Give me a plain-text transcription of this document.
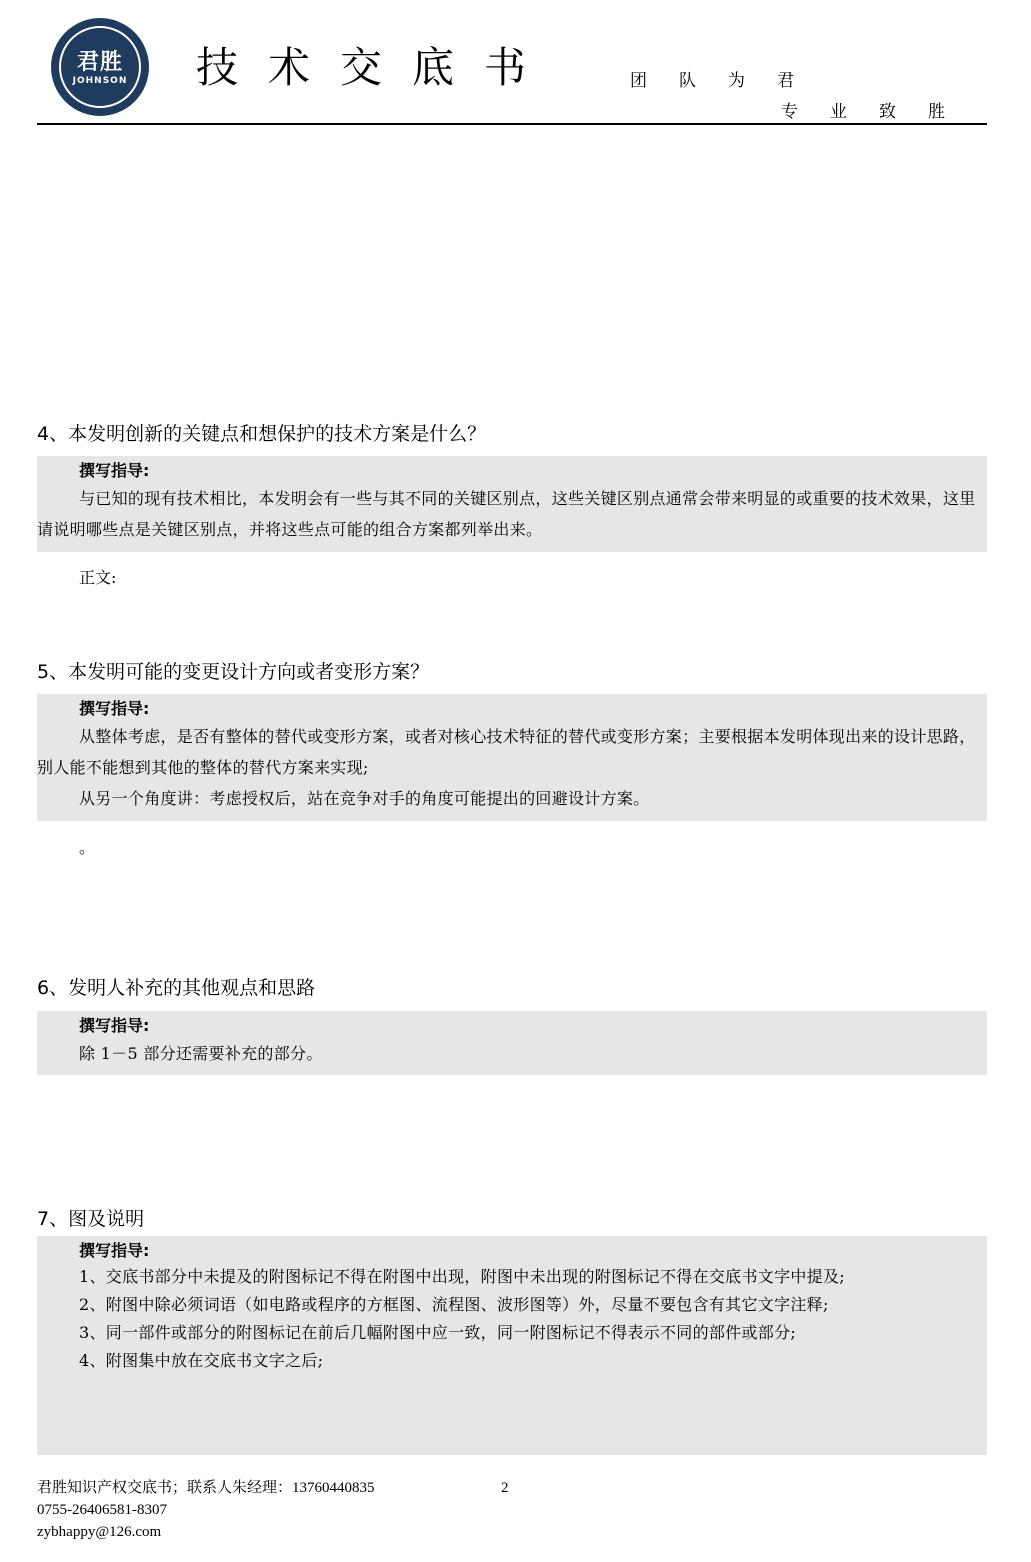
君胜
JOHNSON	技术交底书	团队为君
专业致胜
4、本发明创新的关键点和想保护的技术方案是什么？
撰写指导:

与已知的现有技术相比，本发明会有一些与其不同的关键区别点，这些关键区别点通常会带来明显的或重要的技术效果，这里请说明哪些点是关键区别点，并将这些点可能的组合方案都列举出来。

正文:
5、本发明可能的变更设计方向或者变形方案？
撰写指导:

从整体考虑，是否有整体的替代或变形方案，或者对核心技术特征的替代或变形方案；主要根据本发明体现出来的设计思路，别人能不能想到其他的整体的替代方案来实现;

从另一个角度讲：考虑授权后，站在竞争对手的角度可能提出的回避设计方案。

。
6、发明人补充的其他观点和思路
撰写指导:

除 1－5 部分还需要补充的部分。

7、图及说明
撰写指导:

1、交底书部分中未提及的附图标记不得在附图中出现，附图中未出现的附图标记不得在交底书文字中提及;

2、附图中除必须词语（如电路或程序的方框图、流程图、波形图等）外，尽量不要包含有其它文字注释;

3、同一部件或部分的附图标记在前后几幅附图中应一致，同一附图标记不得表示不同的部件或部分;

4、附图集中放在交底书文字之后;

君胜知识产权交底书；联系人朱经理：13760440835
0755-26406581-8307
zybhappy@126.com
2
